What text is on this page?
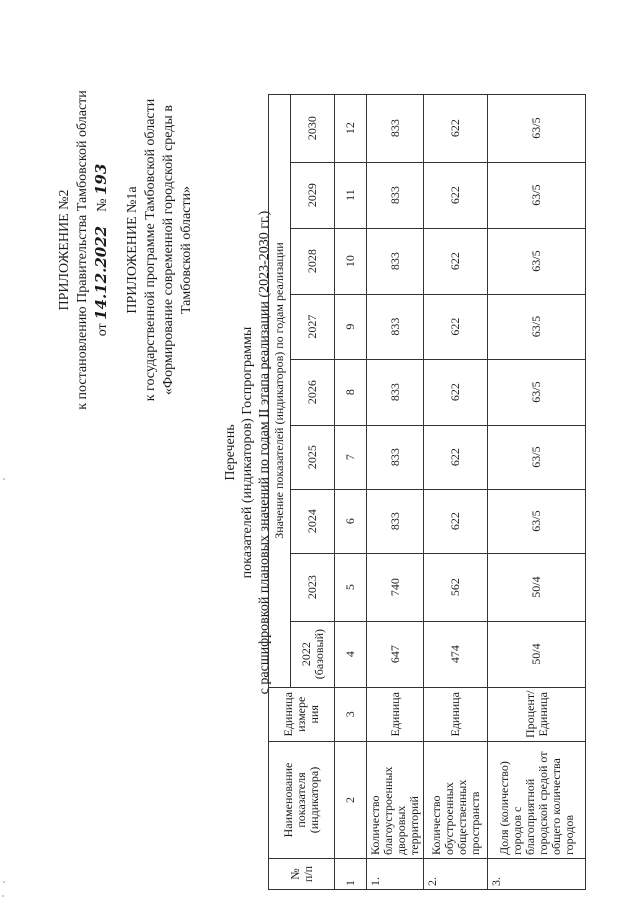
ПРИЛОЖЕНИЕ №2 к постановлению Правительства Тамбовской области от 14.12.2022    № 193
ПРИЛОЖЕНИЕ №1а к государственной программе Тамбовской области «Формирование современной городской среды в Тамбовской области»
Перечень показателей (индикаторов) Госпрограммы с расшифровкой плановых значений по годам II этапа реализации (2023-2030 гг.)
№ п/п	Наименование показателя (индикатора)	Единица измере ния	Значение показателей (индикаторов) по годам реализации								
			2022 (базовый)	2023	2024	2025	2026	2027	2028	2029	2030
1	2	3	4	5	6	7	8	9	10	11	12
1.	Количество благоустроенных дворовых территорий	Единица	647	740	833	833	833	833	833	833	833
2.	Количество обустроенных общественных пространств	Единица	474	562	622	622	622	622	622	622	622
3.	Доля (количество) городов с благоприятной городской средой от общего количества городов	Процент/ Единица	50/4	50/4	63/5	63/5	63/5	63/5	63/5	63/5	63/5
